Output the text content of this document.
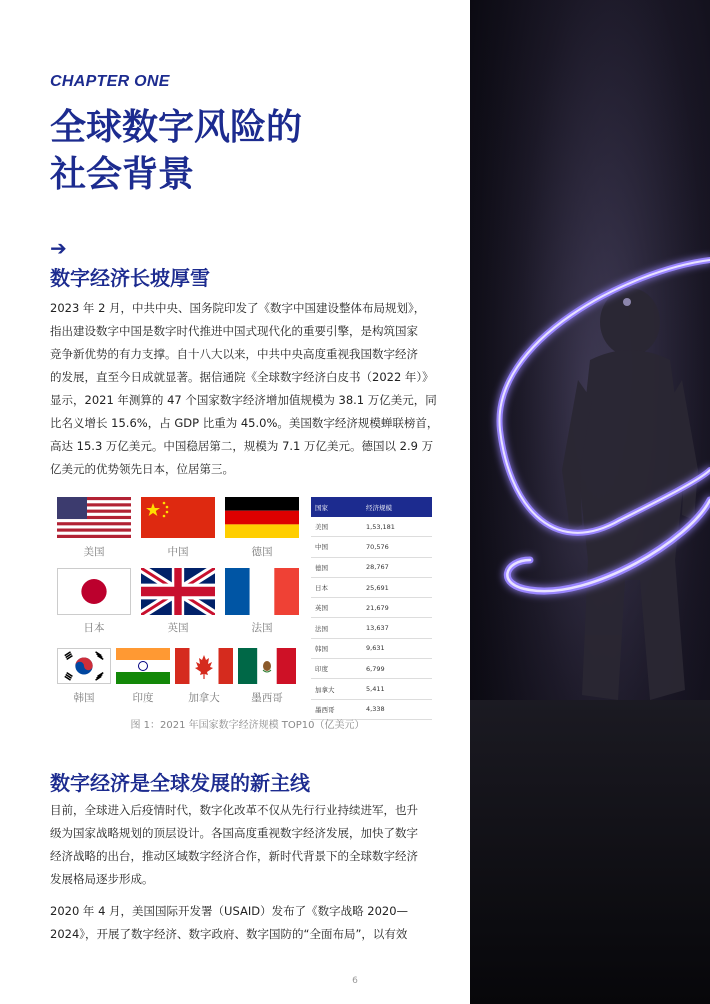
CHAPTER ONE
全球数字风险的
社会背景
➔
数字经济长坡厚雪
2023 年 2 月，中共中央、国务院印发了《数字中国建设整体布局规划》，
指出建设数字中国是数字时代推进中国式现代化的重要引擎，是构筑国家
竞争新优势的有力支撑。自十八大以来，中共中央高度重视我国数字经济
的发展，直至今日成就显著。据信通院《全球数字经济白皮书（2022 年）》
显示，2021 年测算的 47 个国家数字经济增加值规模为 38.1 万亿美元，同
比名义增长 15.6%，占 GDP 比重为 45.0%。美国数字经济规模蝉联榜首，
高达 15.3 万亿美元。中国稳居第二，规模为 7.1 万亿美元。德国以 2.9 万
亿美元的优势领先日本，位居第三。
美国	中国	德国
日本	英国	法国
韩国	印度	加拿大	墨西哥
国家	经济规模
美国	1,53,181
中国	70,576
德国	28,767
日本	25,691
英国	21,679
法国	13,637
韩国	9,631
印度	6,799
加拿大	5,411
墨西哥	4,338
图 1：2021 年国家数字经济规模 TOP10（亿美元）
数字经济是全球发展的新主线
目前，全球进入后疫情时代，数字化改革不仅从先行行业持续进军，也升
级为国家战略规划的顶层设计。各国高度重视数字经济发展，加快了数字
经济战略的出台，推动区域数字经济合作，新时代背景下的全球数字经济
发展格局逐步形成。
2020 年 4 月，美国国际开发署（USAID）发布了《数字战略 2020—
2024》，开展了数字经济、数字政府、数字国防的“全面布局”，以有效
6
